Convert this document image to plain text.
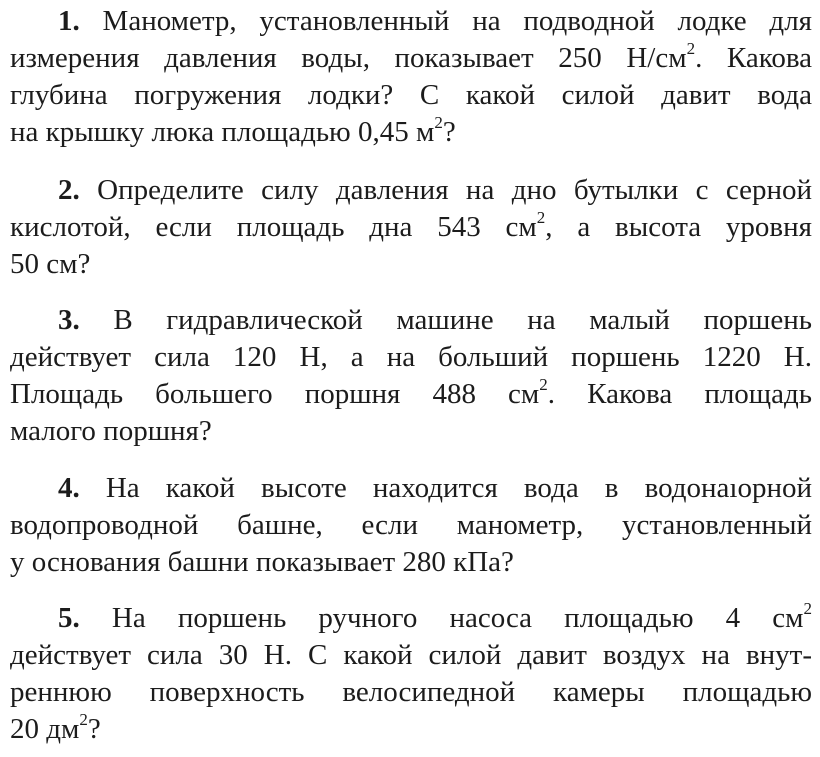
1. Манометр, установленный на подводной лодке для
измерения давления воды, показывает 250 $Н/см^2$. Какова
глубина погружения лодки? С какой силой давит вода
на крышку люка площадью 0,45 $м^2$?
2. Определите силу давления на дно бутылки с серной
кислотой, если площадь дна 543 $см^2$, а высота уровня
50 см?
3. В гидравлической машине на малый поршень
действует сила 120 Н, а на больший поршень 1220 Н.
Площадь большего поршня 488 $см^2$. Какова площадь
малого поршня?
4. На какой высоте находится вода в водонаıорной
водопроводной башне, если манометр, установленный
у основания башни показывает 280 кПа?
5. На поршень ручного насоса площадью 4 $см^2$
действует сила 30 Н. С какой силой давит воздух на внут-
реннюю поверхность велосипедной камеры площадью
20 $дм^2$?
